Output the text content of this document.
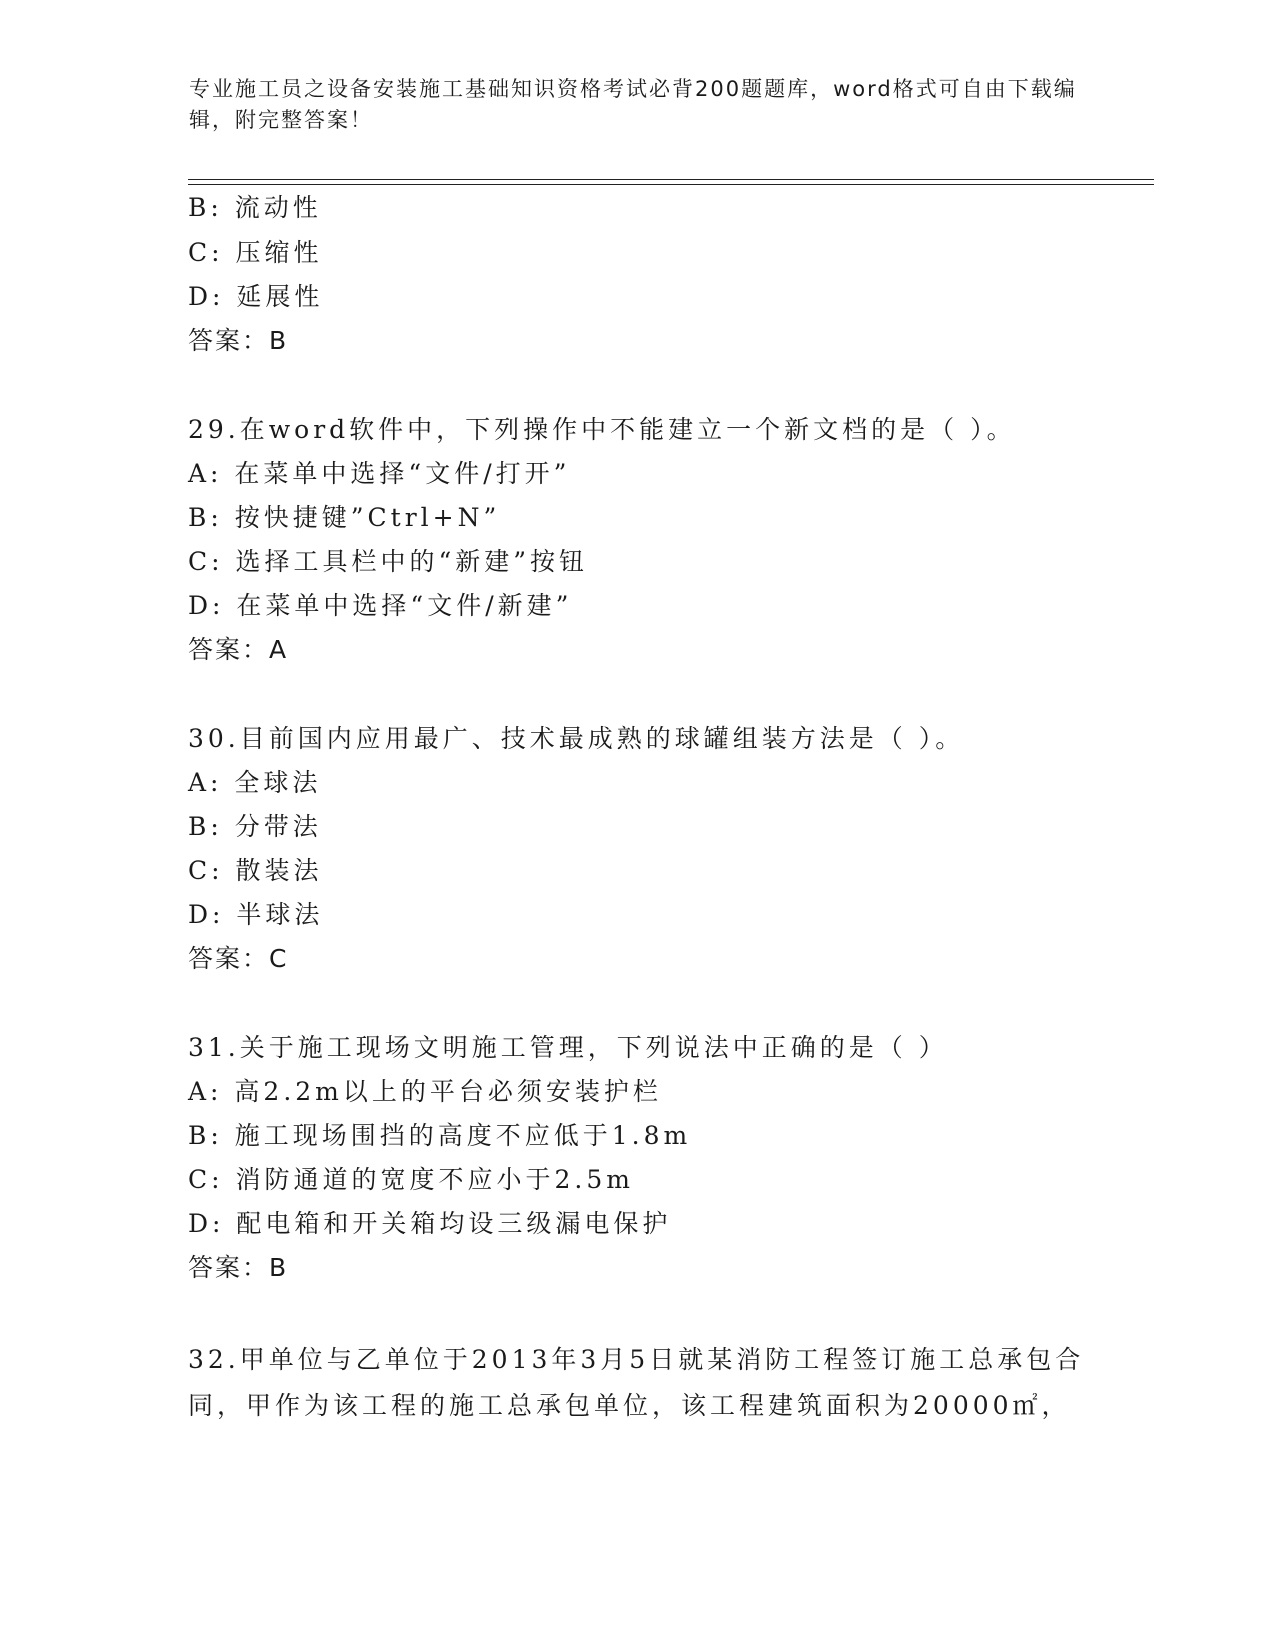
专业施工员之设备安装施工基础知识资格考试必背200题题库，word格式可自由下载编辑，附完整答案！
B: 流动性
C: 压缩性
D: 延展性
答案：B
29.在word软件中，下列操作中不能建立一个新文档的是（ ）。
A: 在菜单中选择“文件/打开”
B: 按快捷键”Ctrl+N”
C: 选择工具栏中的“新建”按钮
D: 在菜单中选择“文件/新建”
答案：A
30.目前国内应用最广、技术最成熟的球罐组装方法是（ ）。
A: 全球法
B: 分带法
C: 散装法
D: 半球法
答案：C
31.关于施工现场文明施工管理，下列说法中正确的是（ ）
A: 高2.2m以上的平台必须安装护栏
B: 施工现场围挡的高度不应低于1.8m
C: 消防通道的宽度不应小于2.5m
D: 配电箱和开关箱均设三级漏电保护
答案：B
32.甲单位与乙单位于2013年3月5日就某消防工程签订施工总承包合同，甲作为该工程的施工总承包单位，该工程建筑面积为20000㎡，
